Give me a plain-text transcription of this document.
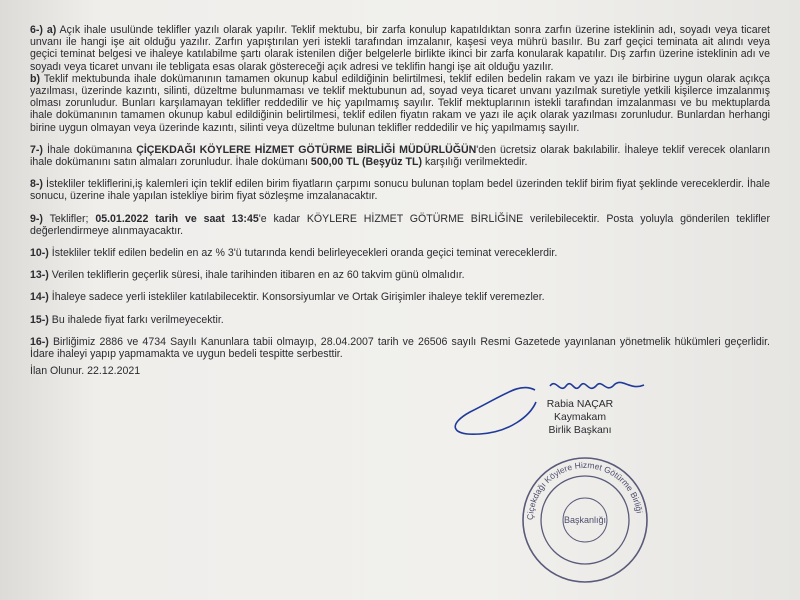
6-) a) Açık ihale usulünde teklifler yazılı olarak yapılır. Teklif mektubu, bir zarfa konulup kapatıldıktan sonra zarfın üzerine isteklinin adı, soyadı veya ticaret unvanı ile hangi işe ait olduğu yazılır. Zarfın yapıştırılan yeri istekli tarafından imzalanır, kaşesi veya mührü basılır. Bu zarf geçici teminata ait alındı veya geçici teminat belgesi ve ihaleye katılabilme şartı olarak istenilen diğer belgelerle birlikte ikinci bir zarfa konularak kapatılır. Dış zarfın üzerine isteklinin adı ve soyadı veya ticaret unvanı ile tebligata esas olarak göstereceği açık adresi ve teklifin hangi işe ait olduğu yazılır.

b) Teklif mektubunda ihale dokümanının tamamen okunup kabul edildiğinin belirtilmesi, teklif edilen bedelin rakam ve yazı ile birbirine uygun olarak açıkça yazılması, üzerinde kazıntı, silinti, düzeltme bulunmaması ve teklif mektubunun ad, soyad veya ticaret unvanı yazılmak suretiyle yetkili kişilerce imzalanmış olması zorunludur. Bunları karşılamayan teklifler reddedilir ve hiç yapılmamış sayılır. Teklif mektuplarının istekli tarafından imzalanması ve bu mektuplarda ihale dokümanının tamamen okunup kabul edildiğinin belirtilmesi, teklif edilen fiyatın rakam ve yazı ile açık olarak yazılması zorunludur. Bunlardan herhangi birine uygun olmayan veya üzerinde kazıntı, silinti veya düzeltme bulunan teklifler reddedilir ve hiç yapılmamış sayılır.

7-) İhale dokümanına ÇİÇEKDAĞI KÖYLERE HİZMET GÖTÜRME BİRLİĞİ MÜDÜRLÜĞÜN'den ücretsiz olarak bakılabilir. İhaleye teklif verecek olanların ihale dokümanını satın almaları zorunludur. İhale dokümanı 500,00 TL (Beşyüz TL) karşılığı verilmektedir.

8-) İstekliler tekliflerini,iş kalemleri için teklif edilen birim fiyatların çarpımı sonucu bulunan toplam bedel üzerinden teklif birim fiyat şeklinde vereceklerdir. İhale sonucu, üzerine ihale yapılan istekliye birim fiyat sözleşme imzalanacaktır.

9-) Teklifler; 05.01.2022 tarih ve saat 13:45'e kadar KÖYLERE HİZMET GÖTÜRME BİRLİĞİNE verilebilecektir. Posta yoluyla gönderilen teklifler değerlendirmeye alınmayacaktır.

10-) İstekliler teklif edilen bedelin en az % 3'ü tutarında kendi belirleyecekleri oranda geçici teminat vereceklerdir.

13-) Verilen tekliflerin geçerlik süresi, ihale tarihinden itibaren en az 60 takvim günü olmalıdır.

14-) İhaleye sadece yerli istekliler katılabilecektir. Konsorsiyumlar ve Ortak Girişimler ihaleye teklif veremezler.

15-) Bu ihalede fiyat farkı verilmeyecektir.

16-) Birliğimiz 2886 ve 4734 Sayılı Kanunlara tabii olmayıp, 28.04.2007 tarih ve 26506 sayılı Resmi Gazetede yayınlanan yönetmelik hükümleri geçerlidir. İdare ihaleyi yapıp yapmamakta ve uygun bedeli tespitte serbesttir.

İlan Olunur. 22.12.2021
Rabia NAÇAR
Kaymakam
Birlik Başkanı
Çiçekdağı Köylere Hizmet Götürme Birliği
Başkanlığı
